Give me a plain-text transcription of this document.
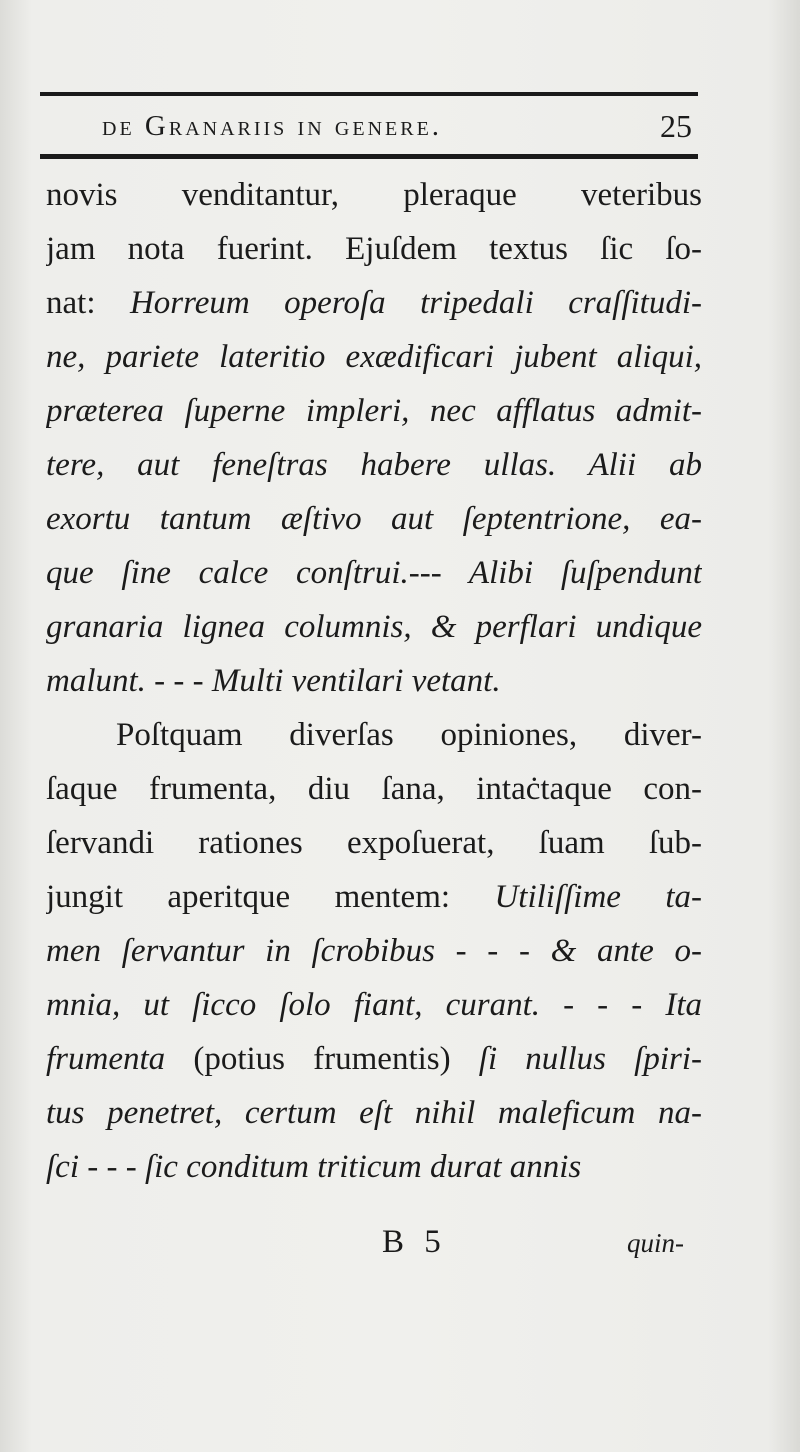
de Granariis in genere.	25
novis venditantur, pleraque veteribus
jam nota fuerint. Ejuſdem textus ſic ſo-
nat: Horreum operoſa tripedali craſſitudi-
ne, pariete lateritio exædificari jubent aliqui,
præterea ſuperne impleri, nec afflatus admit-
tere, aut feneſtras habere ullas. Alii ab
exortu tantum æſtivo aut ſeptentrione, ea-
que ſine calce conſtrui.--- Alibi ſuſpendunt
granaria lignea columnis, & perflari undique
malunt. - - - Multi ventilari vetant.
Poſtquam diverſas opiniones, diver-
ſaque frumenta, diu ſana, intaċtaque con-
ſervandi rationes expoſuerat, ſuam ſub-
jungit aperitque mentem: Utiliſſime ta-
men ſervantur in ſcrobibus - - - & ante o-
mnia, ut ſicco ſolo fiant, curant. - - - Ita
frumenta (potius frumentis) ſi nullus ſpiri-
tus penetret, certum eſt nihil maleficum na-
ſci - - - ſic conditum triticum durat annis
B 5	quin-
